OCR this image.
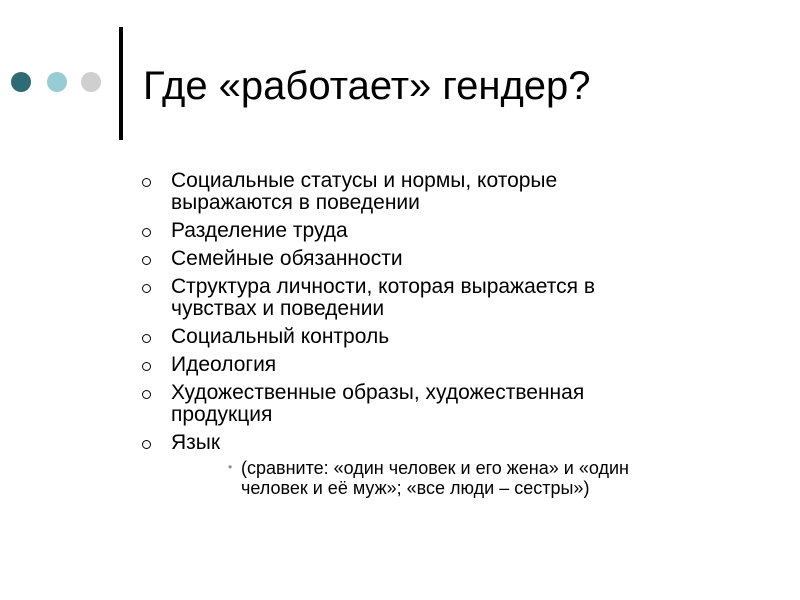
Где «работает» гендер?
Социальные статусы и нормы, которые выражаются в поведении
Разделение труда
Семейные обязанности
Структура личности, которая выражается в чувствах и поведении
Социальный контроль
Идеология
Художественные образы, художественная продукция
Язык
• (сравните: «один человек и его жена» и «один человек и её муж»; «все люди – сестры»)
